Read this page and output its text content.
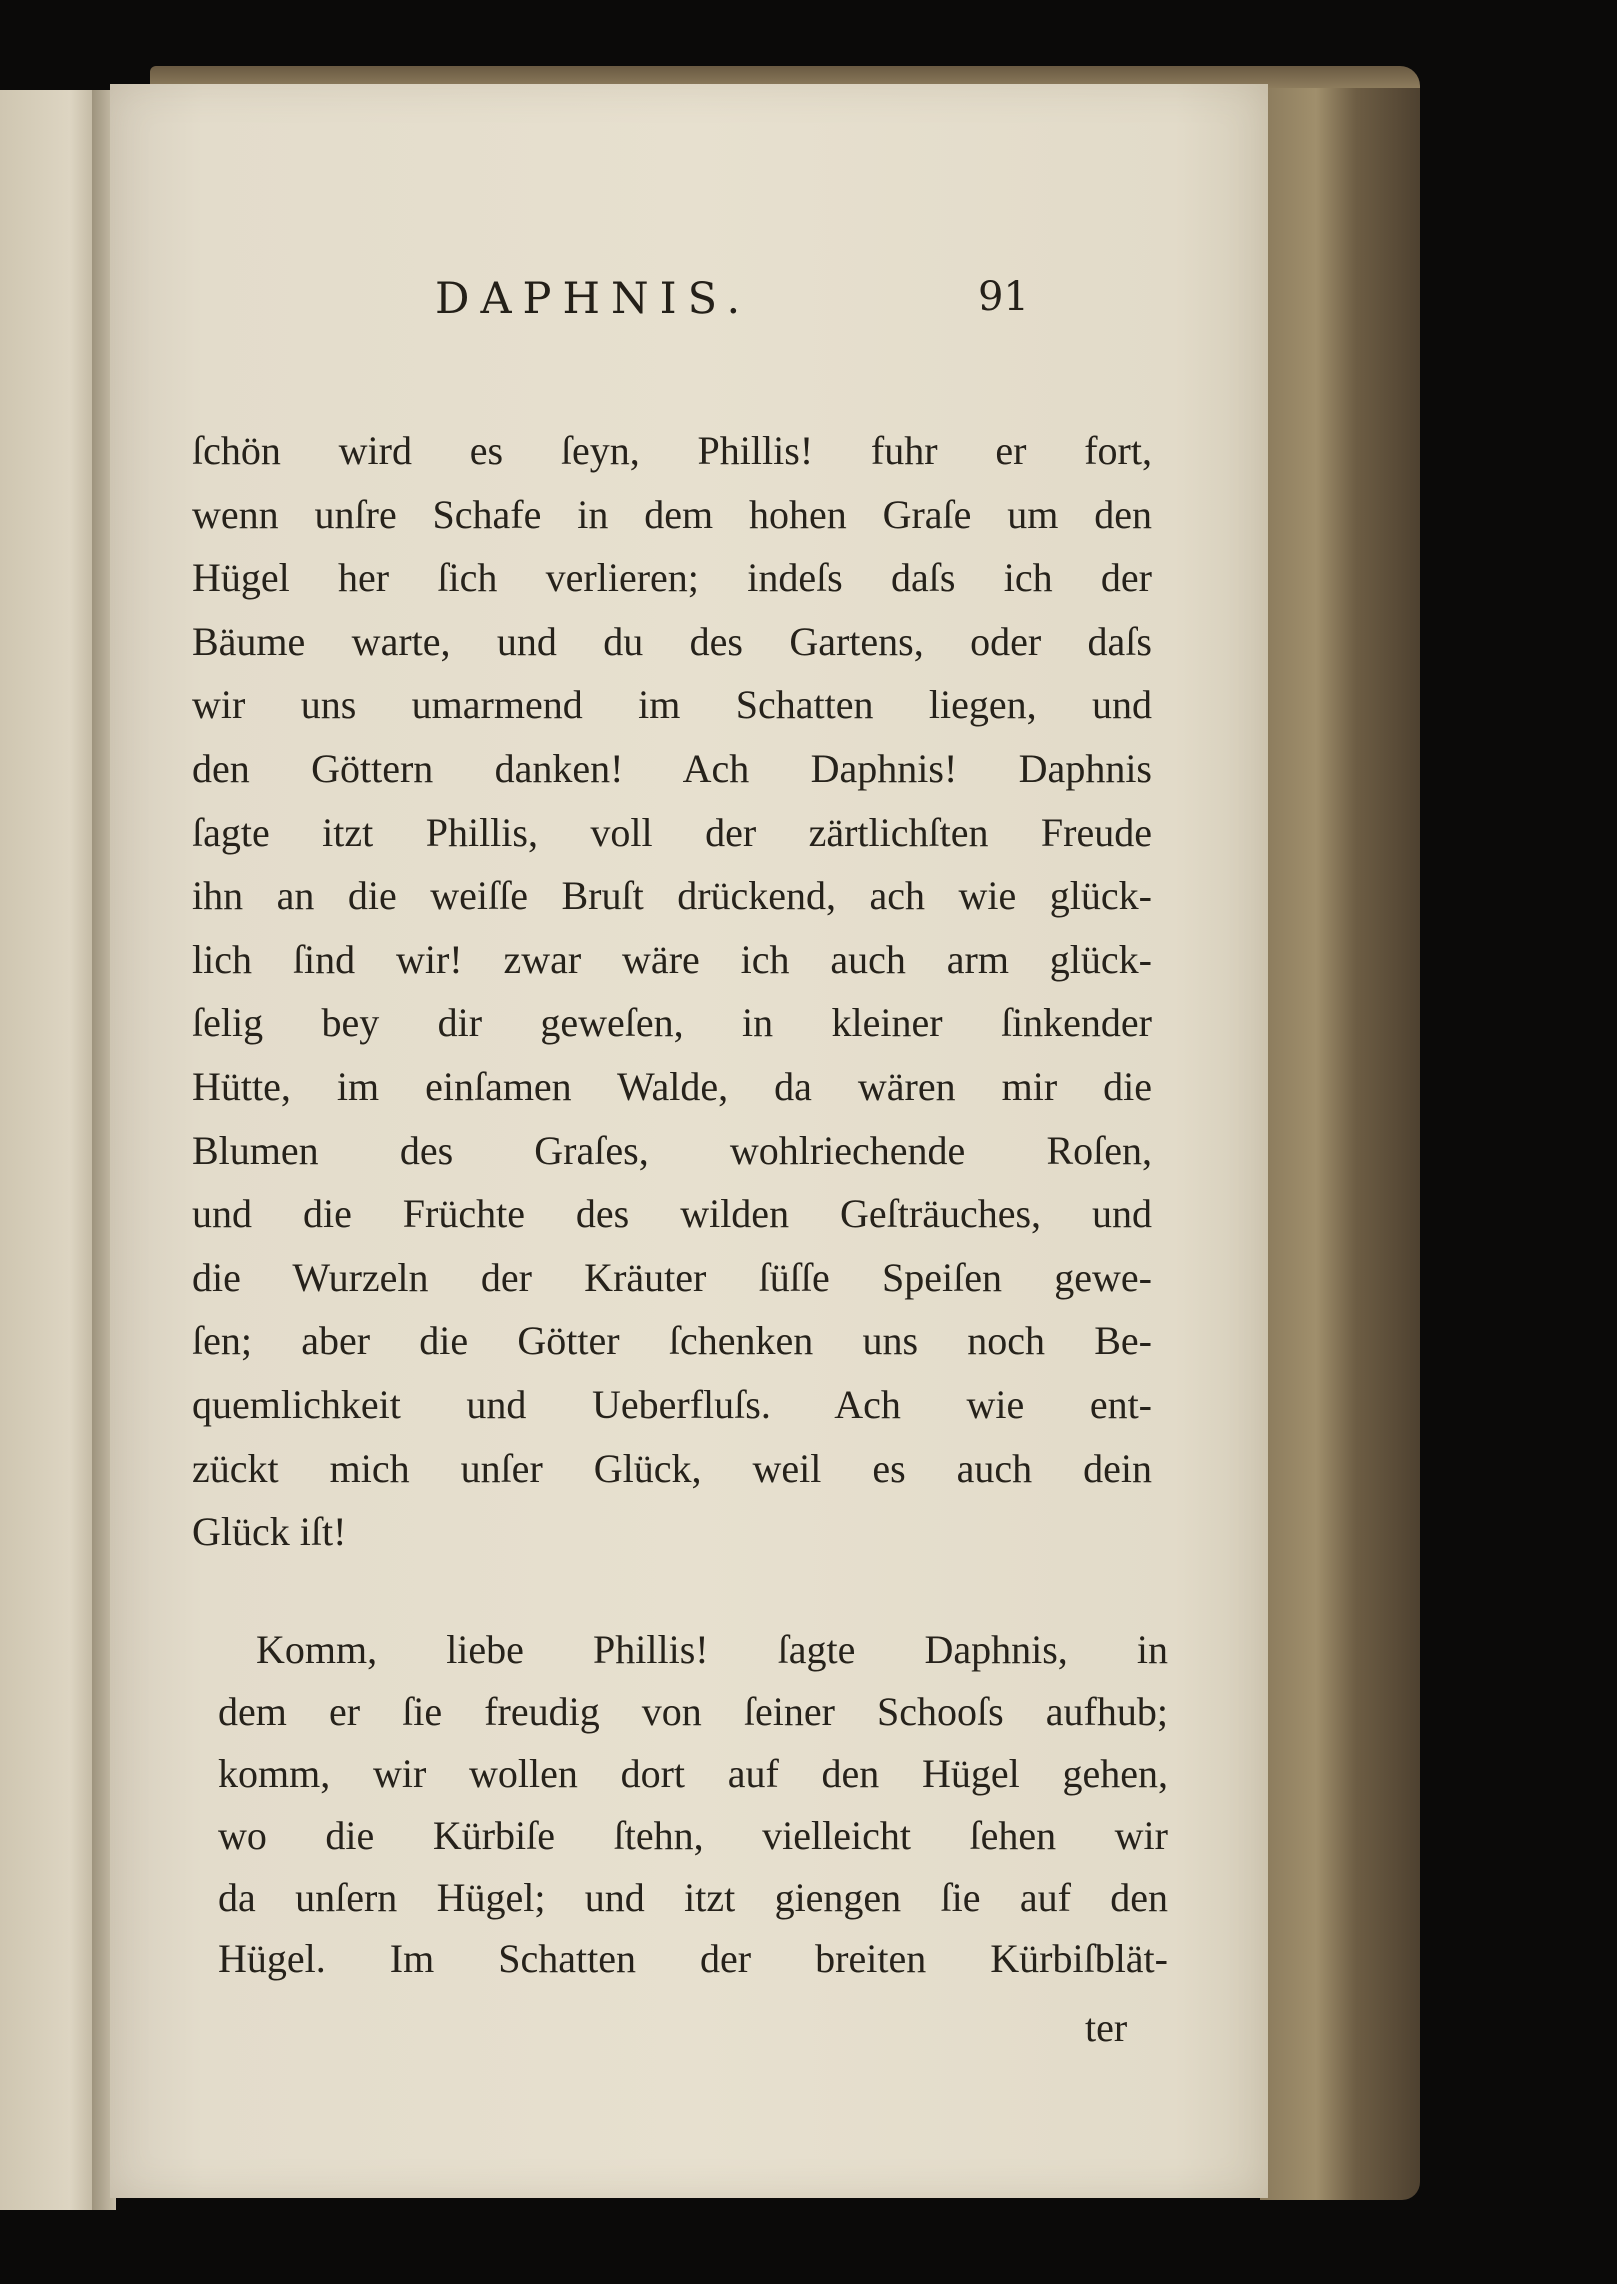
DAPHNIS.	91
ſchön wird es ſeyn, Phillis! fuhr er fort,
wenn unſre Schafe in dem hohen Graſe um den
Hügel her ſich verlieren; indeſs daſs ich der
Bäume warte, und du des Gartens, oder daſs
wir uns umarmend im Schatten liegen, und
den Göttern danken! Ach Daphnis! Daphnis
ſagte itzt Phillis, voll der zärtlichſten Freude
ihn an die weiſſe Bruſt drückend, ach wie glück-
lich ſind wir! zwar wäre ich auch arm glück-
ſelig bey dir geweſen, in kleiner ſinkender
Hütte, im einſamen Walde, da wären mir die
Blumen des Graſes, wohlriechende Roſen,
und die Früchte des wilden Geſträuches, und
die Wurzeln der Kräuter ſüſſe Speiſen gewe-
ſen; aber die Götter ſchenken uns noch Be-
quemlichkeit und Ueberfluſs. Ach wie ent-
zückt mich unſer Glück, weil es auch dein
Glück iſt!
Komm, liebe Phillis! ſagte Daphnis, in
dem er ſie freudig von ſeiner Schooſs aufhub;
komm, wir wollen dort auf den Hügel gehen,
wo die Kürbiſe ſtehn, vielleicht ſehen wir
da unſern Hügel; und itzt giengen ſie auf den
Hügel. Im Schatten der breiten Kürbiſblät-
ter
